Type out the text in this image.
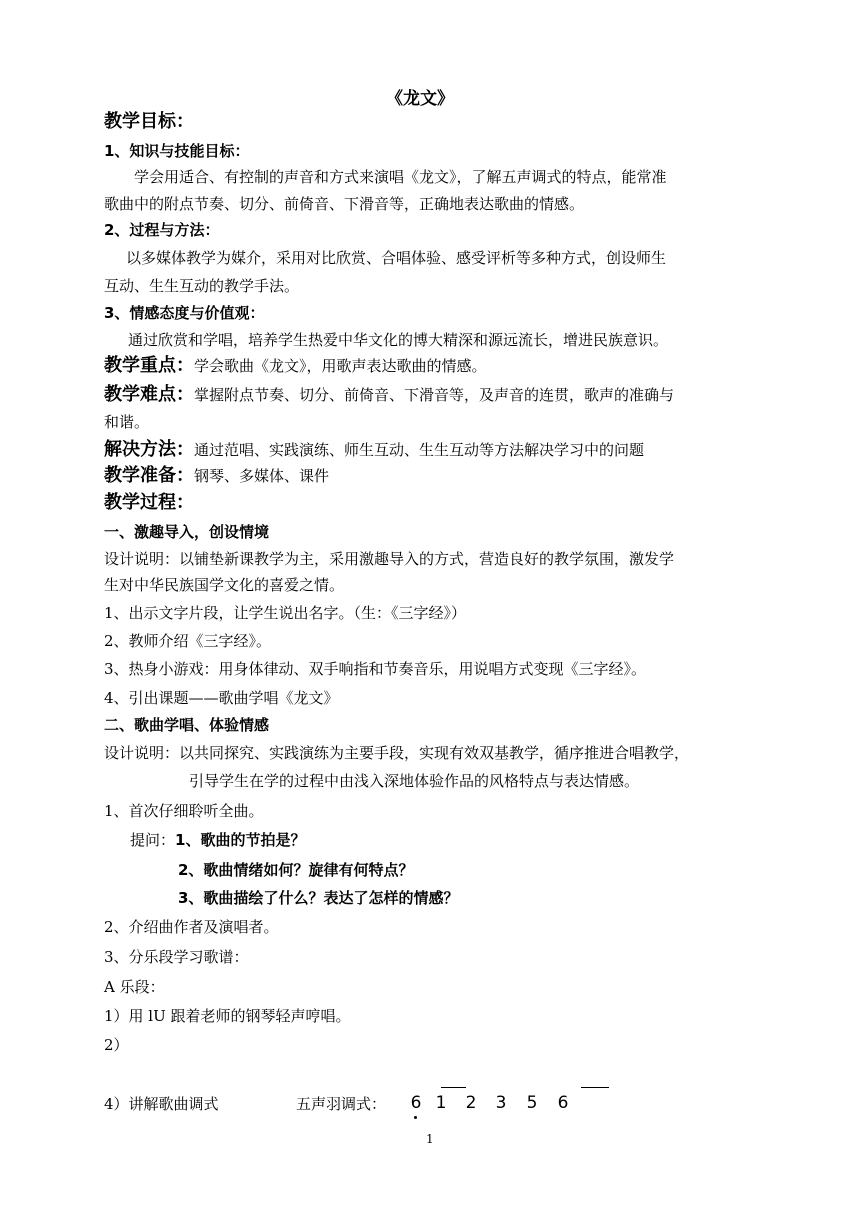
《龙文》
教学目标：
1、知识与技能目标：
学会用适合、有控制的声音和方式来演唱《龙文》，了解五声调式的特点，能常准
歌曲中的附点节奏、切分、前倚音、下滑音等，正确地表达歌曲的情感。
2、过程与方法：
以多媒体教学为媒介，采用对比欣赏、合唱体验、感受评析等多种方式，创设师生
互动、生生互动的教学手法。
3、情感态度与价值观：
通过欣赏和学唱，培养学生热爱中华文化的博大精深和源远流长，增进民族意识。
教学重点：学会歌曲《龙文》，用歌声表达歌曲的情感。
教学难点：掌握附点节奏、切分、前倚音、下滑音等，及声音的连贯，歌声的准确与
和谐。
解决方法：通过范唱、实践演练、师生互动、生生互动等方法解决学习中的问题
教学准备：钢琴、多媒体、课件
教学过程：
一、激趣导入，创设情境
设计说明：以铺垫新课教学为主，采用激趣导入的方式，营造良好的教学氛围，激发学
生对中华民族国学文化的喜爱之情。
1、出示文字片段，让学生说出名字。（生：《三字经》）
2、教师介绍《三字经》。
3、热身小游戏：用身体律动、双手响指和节奏音乐，用说唱方式变现《三字经》。
4、引出课题——歌曲学唱《龙文》
二、歌曲学唱、体验情感
设计说明：以共同探究、实践演练为主要手段，实现有效双基教学，循序推进合唱教学，
引导学生在学的过程中由浅入深地体验作品的风格特点与表达情感。
1、首次仔细聆听全曲。
提问：1、歌曲的节拍是？
2、歌曲情绪如何？旋律有何特点？
3、歌曲描绘了什么？表达了怎样的情感？
2、介绍曲作者及演唱者。
3、分乐段学习歌谱：
A 乐段：
1）用 lU 跟着老师的钢琴轻声哼唱。
2）
4）讲解歌曲调式	五声羽调式： 6 1 2 3 5 6
1
